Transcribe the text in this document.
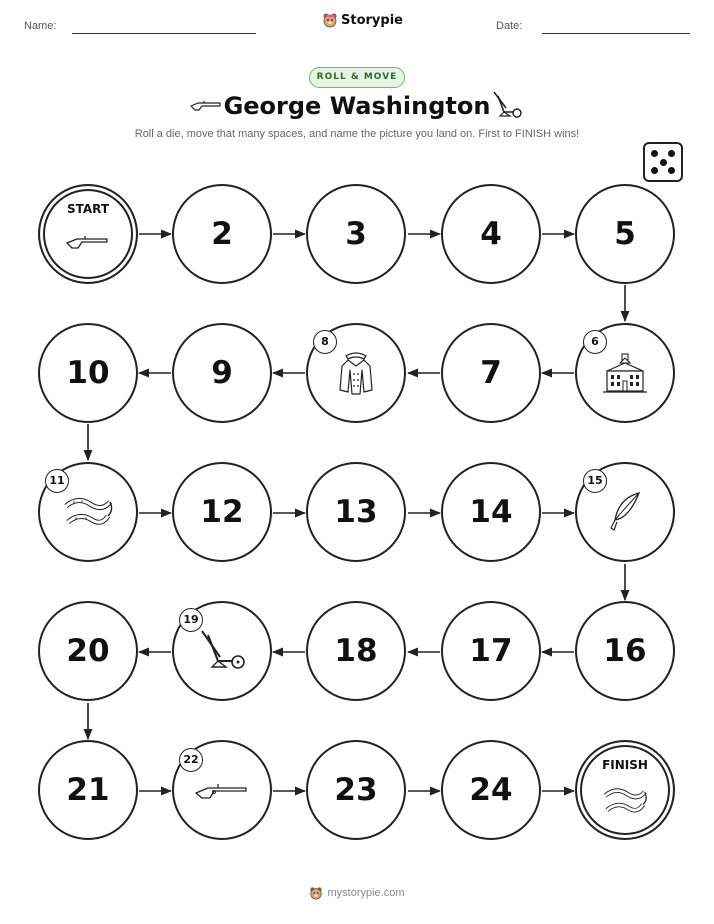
Name:	Storypie	Date:
ROLL & MOVE
George Washington
Roll a die, move that many spaces, and name the picture you land on. First to FINISH wins!
START
2	3	4	5
10	9
8
7
6
11
12	13	14
15
20
19
18	17	16
21
22
23	24
FINISH
mystorypie.com
